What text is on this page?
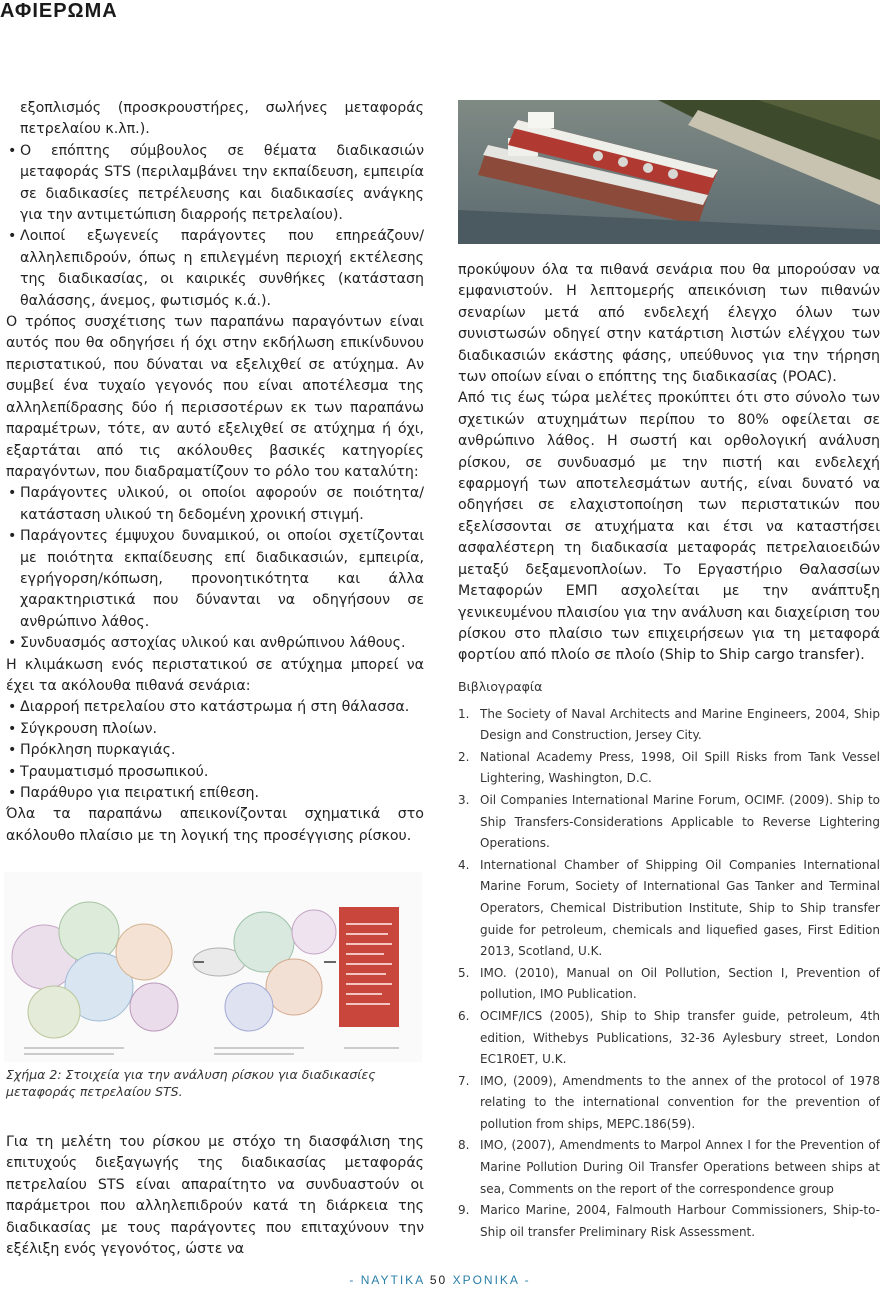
ΑΦΙΕΡΩΜΑ

εξοπλισμός (προσκρουστήρες, σωλήνες μεταφοράς πετρελαίου κ.λπ.).

• Ο επόπτης σύμβουλος σε θέματα διαδικασιών μεταφοράς STS (περιλαμβάνει την εκπαίδευση, εμπειρία σε διαδικασίες πετρέλευσης και διαδικασίες ανάγκης για την αντιμετώπιση διαρροής πετρελαίου).
• Λοιποί εξωγενείς παράγοντες που επηρεάζουν/αλληλεπιδρούν, όπως η επιλεγμένη περιοχή εκτέλεσης της διαδικασίας, οι καιρικές συνθήκες (κατάσταση θαλάσσης, άνεμος, φωτισμός κ.ά.).

Ο τρόπος συσχέτισης των παραπάνω παραγόντων είναι αυτός που θα οδηγήσει ή όχι στην εκδήλωση επικίνδυνου περιστατικού, που δύναται να εξελιχθεί σε ατύχημα. Αν συμβεί ένα τυχαίο γεγονός που είναι αποτέλεσμα της αλληλεπίδρασης δύο ή περισσοτέρων εκ των παραπάνω παραμέτρων, τότε, αν αυτό εξελιχθεί σε ατύχημα ή όχι, εξαρτάται από τις ακόλουθες βασικές κατηγορίες παραγόντων, που διαδραματίζουν το ρόλο του καταλύτη:

• Παράγοντες υλικού, οι οποίοι αφορούν σε ποιότητα/κατάσταση υλικού τη δεδομένη χρονική στιγμή.
• Παράγοντες έμψυχου δυναμικού, οι οποίοι σχετίζονται με ποιότητα εκπαίδευσης επί διαδικασιών, εμπειρία, εγρήγορση/κόπωση, προνοητικότητα και άλλα χαρακτηριστικά που δύνανται να οδηγήσουν σε ανθρώπινο λάθος.
• Συνδυασμός αστοχίας υλικού και ανθρώπινου λάθους.

Η κλιμάκωση ενός περιστατικού σε ατύχημα μπορεί να έχει τα ακόλουθα πιθανά σενάρια:

• Διαρροή πετρελαίου στο κατάστρωμα ή στη θάλασσα.
• Σύγκρουση πλοίων.
• Πρόκληση πυρκαγιάς.
• Τραυματισμό προσωπικού.
• Παράθυρο για πειρατική επίθεση.

Όλα τα παραπάνω απεικονίζονται σχηματικά στο ακόλουθο πλαίσιο με τη λογική της προσέγγισης ρίσκου.

Σχήμα 2: Στοιχεία για την ανάλυση ρίσκου για διαδικασίες μεταφοράς πετρελαίου STS.

Για τη μελέτη του ρίσκου με στόχο τη διασφάλιση της επιτυχούς διεξαγωγής της διαδικασίας μεταφοράς πετρελαίου STS είναι απαραίτητο να συνδυαστούν οι παράμετροι που αλληλεπιδρούν κατά τη διάρκεια της διαδικασίας με τους παράγοντες που επιταχύνουν την εξέλιξη ενός γεγονότος, ώστε να

προκύψουν όλα τα πιθανά σενάρια που θα μπορούσαν να εμφανιστούν. Η λεπτομερής απεικόνιση των πιθανών σεναρίων μετά από ενδελεχή έλεγχο όλων των συνιστωσών οδηγεί στην κατάρτιση λιστών ελέγχου των διαδικασιών εκάστης φάσης, υπεύθυνος για την τήρηση των οποίων είναι ο επόπτης της διαδικασίας (POAC).

Από τις έως τώρα μελέτες προκύπτει ότι στο σύνολο των σχετικών ατυχημάτων περίπου το 80% οφείλεται σε ανθρώπινο λάθος. Η σωστή και ορθολογική ανάλυση ρίσκου, σε συνδυασμό με την πιστή και ενδελεχή εφαρμογή των αποτελεσμάτων αυτής, είναι δυνατό να οδηγήσει σε ελαχιστοποίηση των περιστατικών που εξελίσσονται σε ατυχήματα και έτσι να καταστήσει ασφαλέστερη τη διαδικασία μεταφοράς πετρελαιοειδών μεταξύ δεξαμενοπλοίων. Το Εργαστήριο Θαλασσίων Μεταφορών ΕΜΠ ασχολείται με την ανάπτυξη γενικευμένου πλαισίου για την ανάλυση και διαχείριση του ρίσκου στο πλαίσιο των επιχειρήσεων για τη μεταφορά φορτίου από πλοίο σε πλοίο (Ship to Ship cargo transfer).

Βιβλιογραφία
1. The Society of Naval Architects and Marine Engineers, 2004, Ship Design and Construction, Jersey City.
2. National Academy Press, 1998, Oil Spill Risks from Tank Vessel Lightering, Washington, D.C.
3. Oil Companies International Marine Forum, OCIMF. (2009). Ship to Ship Transfers-Considerations Applicable to Reverse Lightering Operations.
4. International Chamber of Shipping Oil Companies International Marine Forum, Society of International Gas Tanker and Terminal Operators, Chemical Distribution Institute, Ship to Ship transfer guide for petroleum, chemicals and liquefied gases, First Edition 2013, Scotland, U.K.
5. IMO. (2010), Manual on Oil Pollution, Section I, Prevention of pollution, IMO Publication.
6. OCIMF/ICS (2005), Ship to Ship transfer guide, petroleum, 4th edition, Withebys Publications, 32-36 Aylesbury street, London EC1R0ET, U.K.
7. IMO, (2009), Amendments to the annex of the protocol of 1978 relating to the international convention for the prevention of pollution from ships, MEPC.186(59).
8. IMO, (2007), Amendments to Marpol Annex I for the Prevention of Marine Pollution During Oil Transfer Operations between ships at sea, Comments on the report of the correspondence group
9. Marico Marine, 2004, Falmouth Harbour Commissioners, Ship-to-Ship oil transfer Preliminary Risk Assessment.
- ΝΑΥΤΙΚΑ 50 ΧΡΟΝΙΚΑ -
